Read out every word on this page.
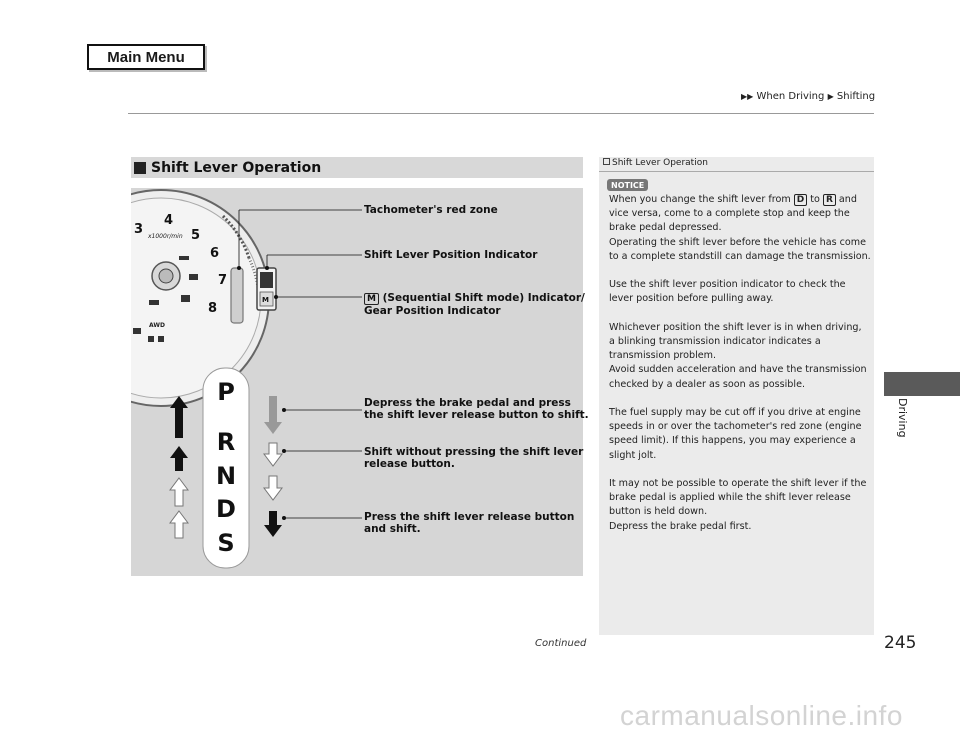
Main Menu
▶▶ When Driving ▶ Shifting
Driving
Shift Lever Operation
3
4
5
6
7
8
x1000r/min
AWD
M
P
R
N
D
S
Tachometer's red zone
Shift Lever Position Indicator
M (Sequential Shift mode) Indicator/
Gear Position Indicator
Depress the brake pedal and press
the shift lever release button to shift.
Shift without pressing the shift lever
release button.
Press the shift lever release button
and shift.
Shift Lever Operation
NOTICE

When you change the shift lever from D to R and
vice versa, come to a complete stop and keep the
brake pedal depressed.
Operating the shift lever before the vehicle has come
to a complete standstill can damage the transmission.

Use the shift lever position indicator to check the
lever position before pulling away.

Whichever position the shift lever is in when driving,
a blinking transmission indicator indicates a
transmission problem.
Avoid sudden acceleration and have the transmission
checked by a dealer as soon as possible.

The fuel supply may be cut off if you drive at engine
speeds in or over the tachometer's red zone (engine
speed limit). If this happens, you may experience a
slight jolt.

It may not be possible to operate the shift lever if the
brake pedal is applied while the shift lever release
button is held down.
Depress the brake pedal first.

Continued	245
carmanualsonline.info
